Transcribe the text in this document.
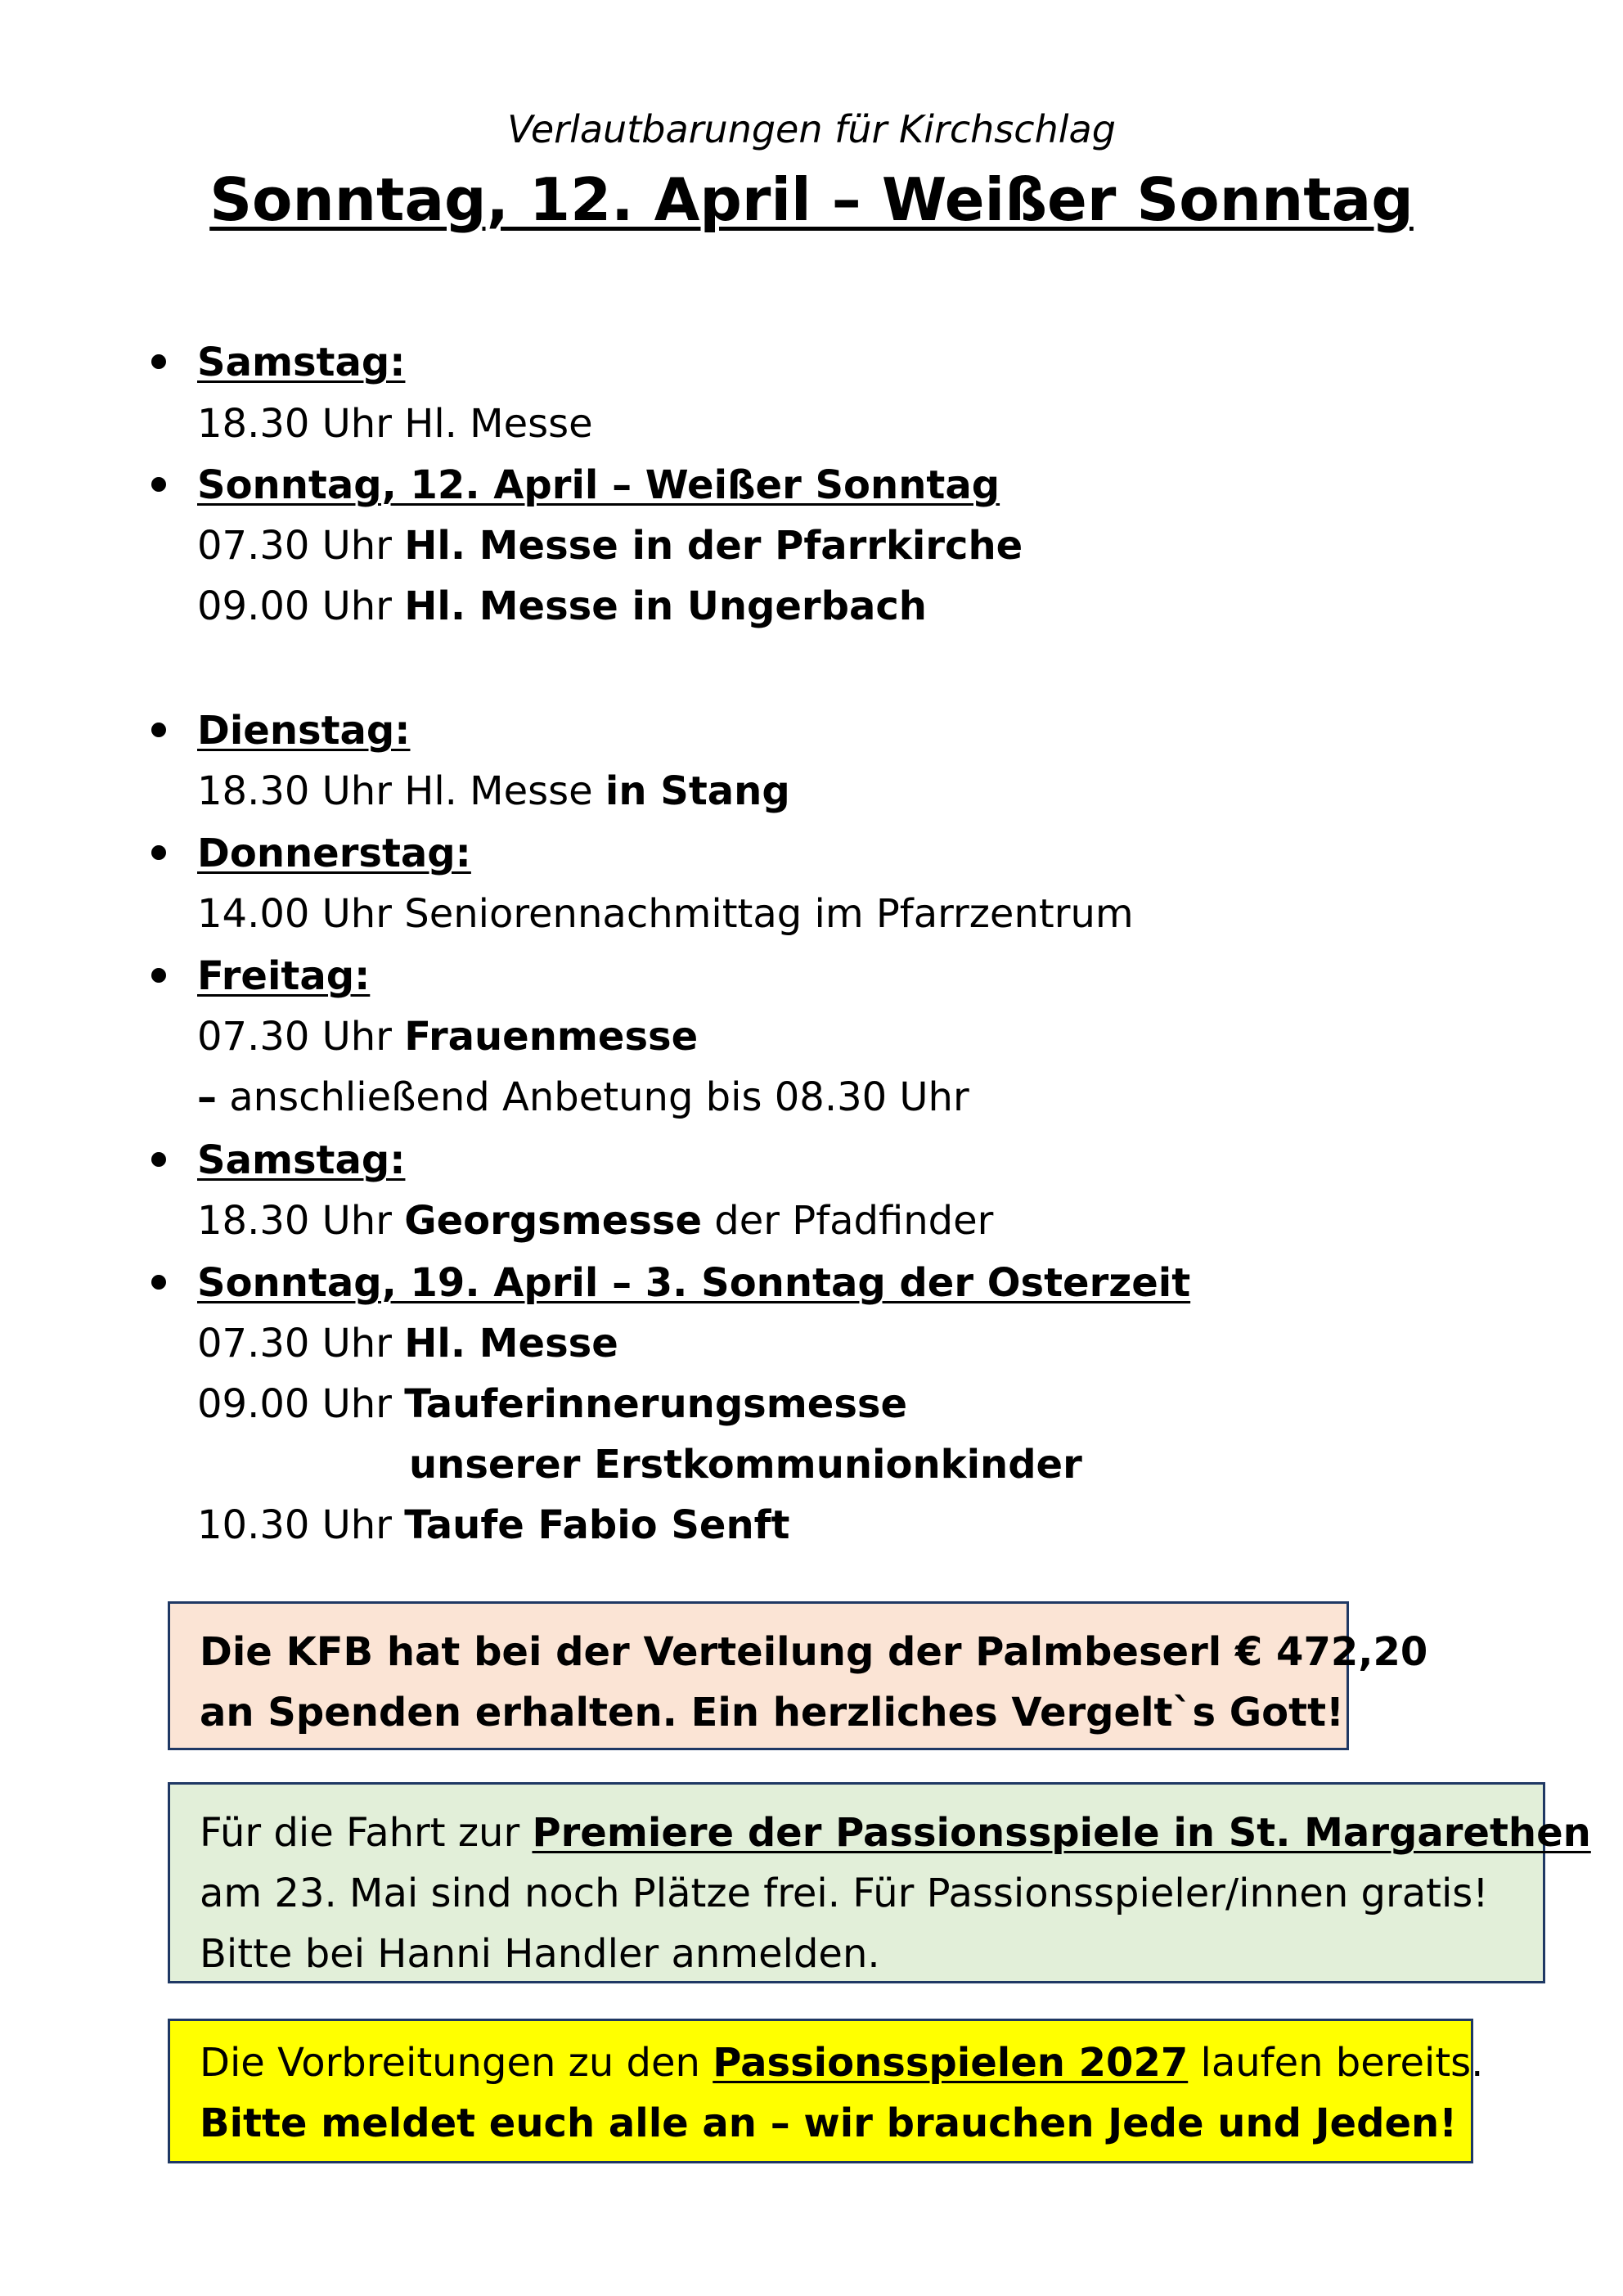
Verlautbarungen für Kirchschlag
Sonntag, 12. April – Weißer Sonntag
Samstag:
18.30 Uhr Hl. Messe
Sonntag, 12. April – Weißer Sonntag
07.30 Uhr Hl. Messe in der Pfarrkirche
09.00 Uhr Hl. Messe in Ungerbach
Dienstag:
18.30 Uhr Hl. Messe in Stang
Donnerstag:
14.00 Uhr Seniorennachmittag im Pfarrzentrum
Freitag:
07.30 Uhr Frauenmesse
– anschließend Anbetung bis 08.30 Uhr
Samstag:
18.30 Uhr Georgsmesse der Pfadfinder
Sonntag, 19. April – 3. Sonntag der Osterzeit
07.30 Uhr Hl. Messe
09.00 Uhr Tauferinnerungsmesse
unserer Erstkommunionkinder
10.30 Uhr Taufe Fabio Senft

Die KFB hat bei der Verteilung der Palmbeserl € 472,20

an Spenden erhalten. Ein herzliches Vergelt`s Gott!

Für die Fahrt zur Premiere der Passionsspiele in St. Margarethen

am 23. Mai sind noch Plätze frei. Für Passionsspieler/innen gratis!

Bitte bei Hanni Handler anmelden.

Die Vorbreitungen zu den Passionsspielen 2027 laufen bereits.

Bitte meldet euch alle an – wir brauchen Jede und Jeden!
